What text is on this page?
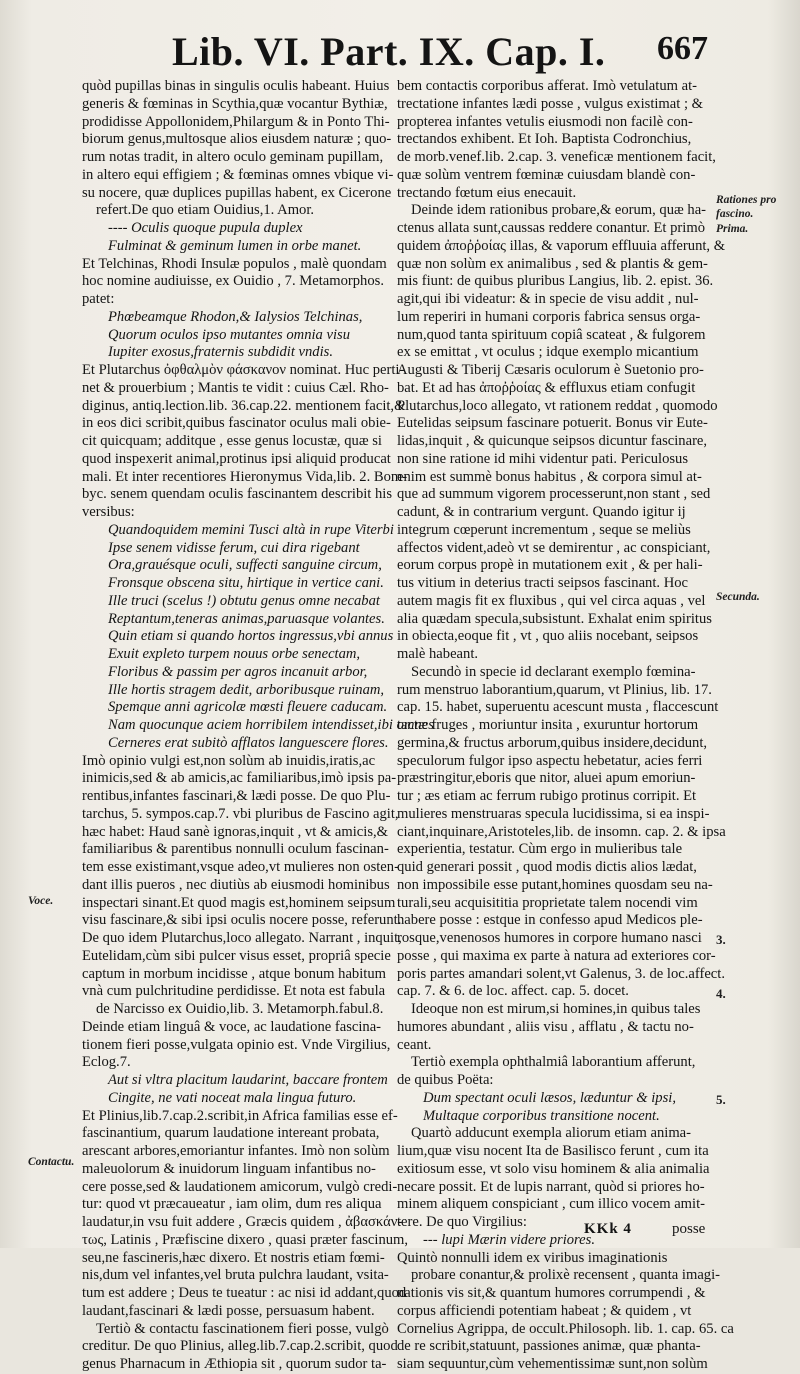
Lib. VI. Part. IX. Cap. I. 667
quòd pupillas binas in singulis oculis habeant. Huius
generis & fœminas in Scythia,quæ vocantur Bythiæ,
prodidisse Appollonidem,Philargum & in Ponto Thi-
biorum genus,multosque alios eiusdem naturæ ; quo-
rum notas tradit, in altero oculo geminam pupillam,
in altero equi effigiem ; & fœminas omnes vbique vi-
su nocere, quæ duplices pupillas habent, ex Cicerone
refert.De quo etiam Ouidius,1. Amor.
---- Oculis quoque pupula duplex
Fulminat & geminum lumen in orbe manet.
Et Telchinas, Rhodi Insulæ populos , malè quondam
hoc nomine audiuisse, ex Ouidio , 7. Metamorphos.
patet:
Phœbeamque Rhodon,& Ialysios Telchinas,
Quorum oculos ipso mutantes omnia visu
Iupiter exosus,fraternis subdidit vndis.
Et Plutarchus ὀφθαλμὸν φάσκανον nominat. Huc perti-
net & prouerbium ; Mantis te vidit : cuius Cæl. Rho-
diginus, antiq.lection.lib. 36.cap.22. mentionem facit,&
in eos dici scribit,quibus fascinator oculus mali obie-
cit quicquam; additque , esse genus locustæ, quæ si
quod inspexerit animal,protinus ipsi aliquid producat
mali. Et inter recentiores Hieronymus Vida,lib. 2. Bom-
byc. senem quendam oculis fascinantem describit his
versibus:
Quandoquidem memini Tusci altà in rupe Viterbi
Ipse senem vidisse ferum, cui dira rigebant
Ora,grauésque oculi, suffecti sanguine circum,
Fronsque obscena situ, hirtique in vertice cani.
Ille truci (scelus !) obtutu genus omne necabat
Reptantum,teneras animas,paruasque volantes.
Quin etiam si quando hortos ingressus,vbi annus
Exuit expleto turpem nouus orbe senectam,
Floribus & passim per agros incanuit arbor,
Ille hortis stragem dedit, arboribusque ruinam,
Spemque anni agricolæ mœsti fleuere caducam.
Nam quocunque aciem horribilem intendisset,ibi omnes
Cerneres erat subitò afflatos languescere flores.
Imò opinio vulgi est,non solùm ab inuidis,iratis,ac
inimicis,sed & ab amicis,ac familiaribus,imò ipsis pa-
rentibus,infantes fascinari,& lædi posse. De quo Plu-
tarchus, 5. sympos.cap.7. vbi pluribus de Fascino agit,
hæc habet: Haud sanè ignoras,inquit , vt & amicis,&
familiaribus & parentibus nonnulli oculum fascinan-
tem esse existimant,vsque adeo,vt mulieres non osten-
dant illis pueros , nec diutiùs ab eiusmodi hominibus
inspectari sinant.Et quod magis est,hominem seipsum
visu fascinare,& sibi ipsi oculis nocere posse, referunt.
De quo idem Plutarchus,loco allegato. Narrant , inquit,
Eutelidam,cùm sibi pulcer visus esset, propriâ specie
captum in morbum incidisse , atque bonum habitum
vnà cum pulchritudine perdidisse. Et nota est fabula
de Narcisso ex Ouidio,lib. 3. Metamorph.fabul.8.
Deinde etiam linguâ & voce, ac laudatione fascina-
tionem fieri posse,vulgata opinio est. Vnde Virgilius,
Eclog.7.
Aut si vltra placitum laudarint, baccare frontem
Cingite, ne vati noceat mala lingua futuro.
Et Plinius,lib.7.cap.2.scribit,in Africa familias esse ef-
fascinantium, quarum laudatione intereant probata,
arescant arbores,emoriantur infantes. Imò non solùm
maleuolorum & inuidorum linguam infantibus no-
cere posse,sed & laudationem amicorum, vulgò credi-
tur: quod vt præcaueatur , iam olim, dum res aliqua
laudatur,in vsu fuit addere , Græcis quidem , ἀβασκάν-
τως, Latinis , Præfiscine dixero , quasi præter fascinum,
seu,ne fascineris,hæc dixero. Et nostris etiam fœmi-
nis,dum vel infantes,vel bruta pulchra laudant, vsita-
tum est addere ; Deus te tueatur : ac nisi id addant,quod
laudant,fascinari & lædi posse, persuasum habent.
Tertiò & contactu fascinationem fieri posse, vulgò
creditur. De quo Plinius, alleg.lib.7.cap.2.scribit, quod
genus Pharnacum in Æthiopia sit , quorum sudor ta-
bem contactis corporibus afferat. Imò vetulatum at-
trectatione infantes lædi posse , vulgus existimat ; &
propterea infantes vetulis eiusmodi non facilè con-
trectandos exhibent. Et Ioh. Baptista Codronchius,
de morb.venef.lib. 2.cap. 3. veneficæ mentionem facit,
quæ solùm ventrem fœminæ cuiusdam blandè con-
trectando fœtum eius enecauit.
Deinde idem rationibus probare,& eorum, quæ ha-
ctenus allata sunt,caussas reddere conantur. Et primò
quidem ἀποῤῥοίας illas, & vaporum effluuia afferunt, &
quæ non solùm ex animalibus , sed & plantis & gem-
mis fiunt: de quibus pluribus Langius, lib. 2. epist. 36.
agit,qui ibi videatur: & in specie de visu addit , nul-
lum reperiri in humani corporis fabrica sensus orga-
num,quod tanta spirituum copiâ scateat , & fulgorem
ex se emittat , vt oculus ; idque exemplo micantium
Augusti & Tiberij Cæsaris oculorum è Suetonio pro-
bat. Et ad has ἀποῤῥοίας & effluxus etiam confugit
Plutarchus,loco allegato, vt rationem reddat , quomodo
Eutelidas seipsum fascinare potuerit. Bonus vir Eute-
lidas,inquit , & quicunque seipsos dicuntur fascinare,
non sine ratione id mihi videntur pati. Periculosus
enim est summè bonus habitus , & corpora simul at-
que ad summum vigorem processerunt,non stant , sed
cadunt, & in contrarium vergunt. Quando igitur ij
integrum cœperunt incrementum , seque se meliùs
affectos vident,adeò vt se demirentur , ac conspiciant,
eorum corpus propè in mutationem exit , & per hali-
tus vitium in deterius tracti seipsos fascinant. Hoc
autem magis fit ex fluxibus , qui vel circa aquas , vel
alia quædam specula,subsistunt. Exhalat enim spiritus
in obiecta,eoque fit , vt , quo aliis nocebant, seipsos
malè habeant.
Secundò in specie id declarant exemplo fœmina-
rum menstruo laborantium,quarum, vt Plinius, lib. 17.
cap. 15. habet, superuentu acescunt musta , flaccescunt
tactæ fruges , moriuntur insita , exuruntur hortorum
germina,& fructus arborum,quibus insidere,decidunt,
speculorum fulgor ipso aspectu hebetatur, acies ferri
præstringitur,eboris que nitor, aluei apum emoriun-
tur ; æs etiam ac ferrum rubigo protinus corripit. Et
mulieres menstruaras specula lucidissima, si ea inspi-
ciant,inquinare,Aristoteles,lib. de insomn. cap. 2. & ipsa
experientia, testatur. Cùm ergo in mulieribus tale
quid generari possit , quod modis dictis alios lædat,
non impossibile esse putant,homines quosdam seu na-
turali,seu acquisititia proprietate talem nocendi vim
habere posse : estque in confesso apud Medicos ple-
rosque,venenosos humores in corpore humano nasci
posse , qui maxima ex parte à natura ad exteriores cor-
poris partes amandari solent,vt Galenus, 3. de loc.affect.
cap. 7. & 6. de loc. affect. cap. 5. docet.
Ideoque non est mirum,si homines,in quibus tales
humores abundant , aliis visu , afflatu , & tactu no-
ceant.
Tertiò exempla ophthalmiâ laborantium afferunt,
de quibus Poëta:
Dum spectant oculi læsos, læduntur & ipsi,
Multaque corporibus transitione nocent.
Quartò adducunt exempla aliorum etiam anima-
lium,quæ visu nocent Ita de Basilisco ferunt , cum ita
exitiosum esse, vt solo visu hominem & alia animalia
necare possit. Et de lupis narrant, quòd si priores ho-
minem aliquem conspiciant , cum illico vocem amit-
tere. De quo Virgilius:
--- lupi Mærin videre priores.
Quintò nonnulli idem ex viribus imaginationis
probare conantur,& prolixè recensent , quanta imagi-
nationis vis sit,& quantum humores corrumpendi , &
corpus afficiendi potentiam habeat ; & quidem , vt
Cornelius Agrippa, de occult.Philosoph. lib. 1. cap. 65. ca
de re scribit,statuunt, passiones animæ, quæ phanta-
siam sequuntur,cùm vehementissimæ sunt,non solùm
Rationes pro fascino.
Prima.
Secunda.
3.
4.
5.
Voce.
Contactu.
KKk 4	posse
